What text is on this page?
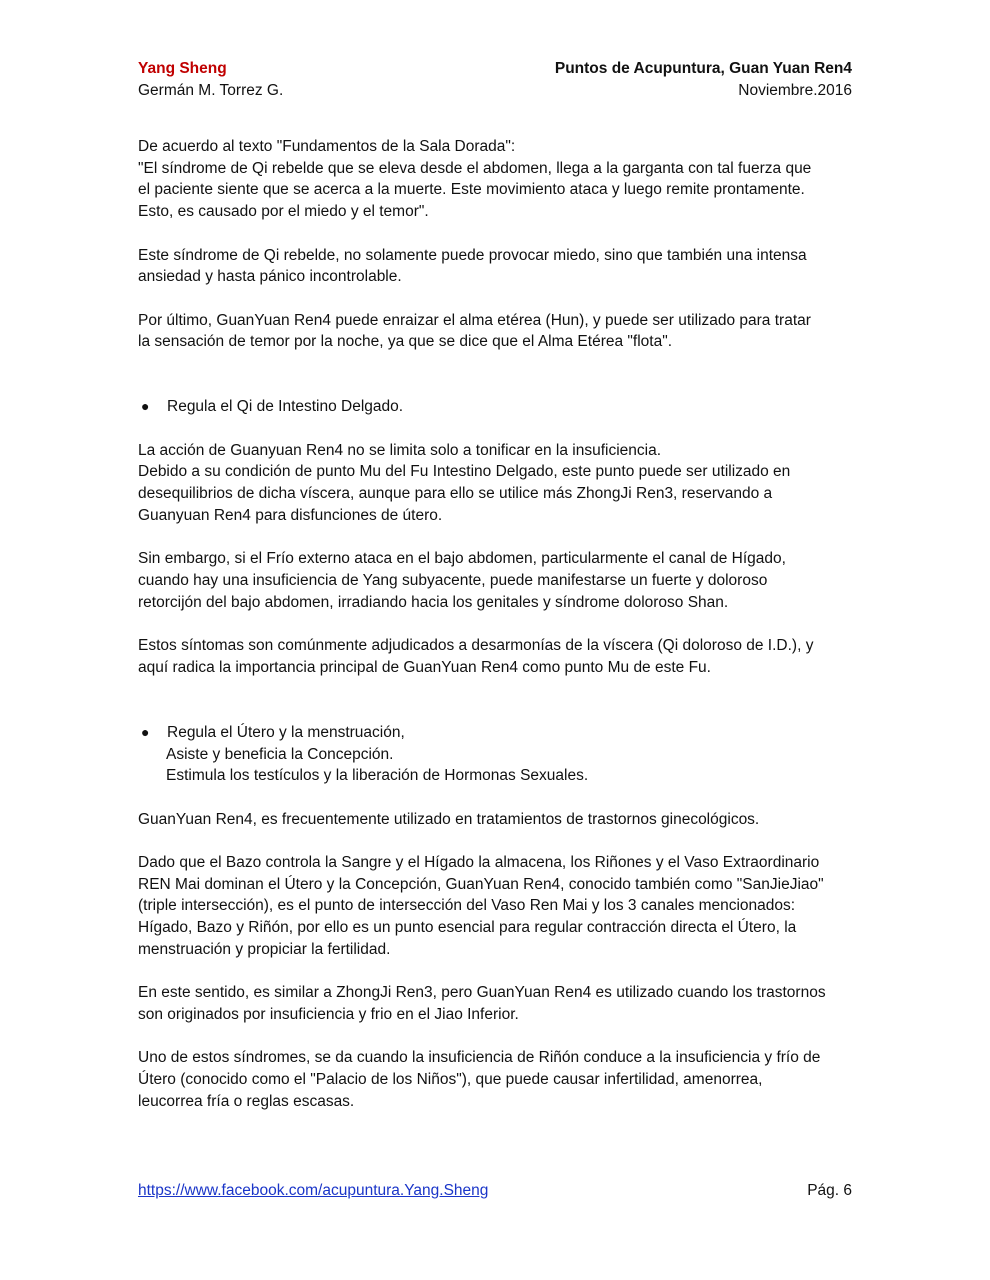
Yang Sheng	Puntos de Acupuntura, Guan Yuan Ren4
Germán M. Torrez G.	Noviembre.2016
De acuerdo al texto "Fundamentos de la Sala Dorada":
"El síndrome de Qi rebelde que se eleva desde el abdomen, llega a la garganta con tal fuerza que
el paciente siente que se acerca a la muerte. Este movimiento ataca y luego remite prontamente.
Esto, es causado por el miedo y el temor".
Este síndrome de Qi rebelde, no solamente puede provocar miedo, sino que también una intensa
ansiedad y hasta pánico incontrolable.
Por último, GuanYuan Ren4 puede enraizar el alma etérea (Hun), y puede ser utilizado para tratar
la sensación de temor por la noche, ya que se dice que el Alma Etérea "flota".
● Regula el Qi de Intestino Delgado.
La acción de Guanyuan Ren4 no se limita solo a tonificar en la insuficiencia.
Debido a su condición de punto Mu del Fu Intestino Delgado, este punto puede ser utilizado en
desequilibrios de dicha víscera, aunque para ello se utilice más ZhongJi Ren3, reservando a
Guanyuan Ren4 para disfunciones de útero.
Sin embargo, si el Frío externo ataca en el bajo abdomen, particularmente el canal de Hígado,
cuando hay una insuficiencia de Yang subyacente, puede manifestarse un fuerte y doloroso
retorcijón del bajo abdomen, irradiando hacia los genitales y síndrome doloroso Shan.
Estos síntomas son comúnmente adjudicados a desarmonías de la víscera (Qi doloroso de I.D.), y
aquí radica la importancia principal de GuanYuan Ren4 como punto Mu de este Fu.
● Regula el Útero y la menstruación,
Asiste y beneficia la Concepción.
Estimula los testículos y la liberación de Hormonas Sexuales.
GuanYuan Ren4, es frecuentemente utilizado en tratamientos de trastornos ginecológicos.
Dado que el Bazo controla la Sangre y el Hígado la almacena, los Riñones y el Vaso Extraordinario
REN Mai dominan el Útero y la Concepción, GuanYuan Ren4, conocido también como "SanJieJiao"
(triple intersección), es el punto de intersección del Vaso Ren Mai y los 3 canales mencionados:
Hígado, Bazo y Riñón, por ello es un punto esencial para regular contracción directa el Útero, la
menstruación y propiciar la fertilidad.
En este sentido, es similar a ZhongJi Ren3, pero GuanYuan Ren4 es utilizado cuando los trastornos
son originados por insuficiencia y frio en el Jiao Inferior.
Uno de estos síndromes, se da cuando la insuficiencia de Riñón conduce a la insuficiencia y frío de
Útero (conocido como el "Palacio de los Niños"), que puede causar infertilidad, amenorrea,
leucorrea fría o reglas escasas.
https://www.facebook.com/acupuntura.Yang.Sheng	Pág. 6
